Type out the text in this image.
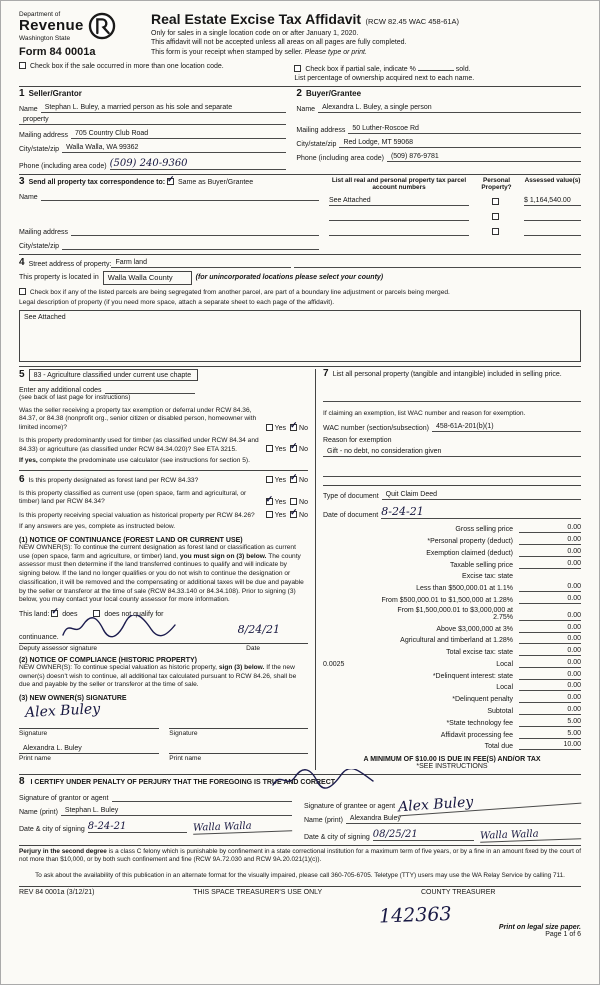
Department of
Revenue
Washington State
Form 84 0001a
Real Estate Excise Tax Affidavit (RCW 82.45 WAC 458-61A)
Only for sales in a single location code on or after January 1, 2020.
This affidavit will not be accepted unless all areas on all pages are fully completed.
This form is your receipt when stamped by seller. Please type or print.
Check box if the sale occurred in more than one location code.	Check box if partial sale, indicate %	sold.
List percentage of ownership acquired next to each name.
1 Seller/Grantor
Name	Stephan L. Buley, a married person as his sole and separate
property
Mailing address	705 Country Club Road
City/state/zip	Walla Walla, WA 99362
Phone (including area code) (509) 240-9360
2 Buyer/Grantee
Name	Alexandra L. Buley, a single person
Mailing address	50 Luther-Roscoe Rd
City/state/zip	Red Lodge, MT 59068
Phone (including area code)	(509) 876-9781
3 Send all property tax correspondence to: ✓ Same as Buyer/Grantee
Name
Mailing address
City/state/zip
List all real and personal property tax parcel account numbers
Personal Property?
Assessed value(s)
See Attached	$ 1,164,540.00
4 Street address of property: Farm land
This property is located in	Walla Walla County	(for unincorporated locations please select your county)
Check box if any of the listed parcels are being segregated from another parcel, are part of a boundary line adjustment or parcels being merged.
Legal description of property (if you need more space, attach a separate sheet to each page of the affidavit).
See Attached
5	83 - Agriculture classified under current use chapte
Enter any additional codes
(see back of last page for instructions)
Was the seller receiving a property tax exemption or deferral under RCW 84.36, 84.37, or 84.38 (nonprofit org., senior citizen or disabled person, homeowner with limited income)?	Yes ✓ No
Is this property predominantly used for timber (as classified under RCW 84.34 and 84.33) or agriculture (as classified under RCW 84.34.020)? See ETA 3215.	Yes ✓ No
If yes, complete the predominate use calculator (see instructions for section 5).
6 Is this property designated as forest land per RCW 84.33?	Yes ✓ No
Is this property classified as current use (open space, farm and agricultural, or timber) land per RCW 84.34?	✓ Yes No
Is this property receiving special valuation as historical property per RCW 84.26?	Yes ✓ No
If any answers are yes, complete as instructed below.
(1) NOTICE OF CONTINUANCE (FOREST LAND OR CURRENT USE)
NEW OWNER(S): To continue the current designation as forest land or classification as current use (open space, farm and agriculture, or timber) land, you must sign on (3) below. The county assessor must then determine if the land transferred continues to qualify and will indicate by signing below. If the land no longer qualifies or you do not wish to continue the designation or classification, it will be removed and the compensating or additional taxes will be due and payable by the seller or transferor at the time of sale (RCW 84.33.140 or 84.34.108). Prior to signing (3) below, you may contact your local county assessor for more information.
This land: ✓ does	does not qualify for
continuance.
8/24/21
Deputy assessor signature	Date
(2) NOTICE OF COMPLIANCE (HISTORIC PROPERTY)
NEW OWNER(S): To continue special valuation as historic property, sign (3) below. If the new owner(s) doesn't wish to continue, all additional tax calculated pursuant to RCW 84.26, shall be due and payable by the seller or transferor at the time of sale.
(3) NEW OWNER(S) SIGNATURE
Alex Buley
Signature	Signature
Alexandra L. Buley
Print name	Print name
7 List all personal property (tangible and intangible) included in selling price.
If claiming an exemption, list WAC number and reason for exemption.
WAC number (section/subsection)	458-61A-201(b)(1)
Reason for exemption
Gift - no debt, no consideration given
Type of document	Quit Claim Deed
Date of document 8-24-21
Gross selling price	0.00
*Personal property (deduct)	0.00
Exemption claimed (deduct)	0.00
Taxable selling price	0.00
Excise tax: state
Less than $500,000.01 at 1.1%	0.00
From $500,000.01 to $1,500,000 at 1.28%	0.00
From $1,500,000.01 to $3,000,000 at 2.75%	0.00
Above $3,000,000 at 3%	0.00
Agricultural and timberland at 1.28%	0.00
Total excise tax: state	0.00
0.0025	Local	0.00
*Delinquent interest: state	0.00
Local	0.00
*Delinquent penalty	0.00
Subtotal	0.00
*State technology fee	5.00
Affidavit processing fee	5.00
Total due	10.00
A MINIMUM OF $10.00 IS DUE IN FEE(S) AND/OR TAX
*SEE INSTRUCTIONS
8 I CERTIFY UNDER PENALTY OF PERJURY THAT THE FOREGOING IS TRUE AND CORRECT
Signature of grantor or agent
Name (print)	Stephan L. Buley
Date & city of signing 8-24-21	Walla Walla
Signature of grantee or agent Alex Buley
Name (print)	Alexandra Buley
Date & city of signing 08/25/21	Walla Walla
Perjury in the second degree is a class C felony which is punishable by confinement in a state correctional institution for a maximum term of five years, or by a fine in an amount fixed by the court of not more than $10,000, or by both such confinement and fine (RCW 9A.72.030 and RCW 9A.20.021(1)(c)).
To ask about the availability of this publication in an alternate format for the visually impaired, please call 360-705-6705. Teletype (TTY) users may use the WA Relay Service by calling 711.
REV 84 0001a (3/12/21)	THIS SPACE TREASURER'S USE ONLY	COUNTY TREASURER
142363	Print on legal size paper.
Page 1 of 6
